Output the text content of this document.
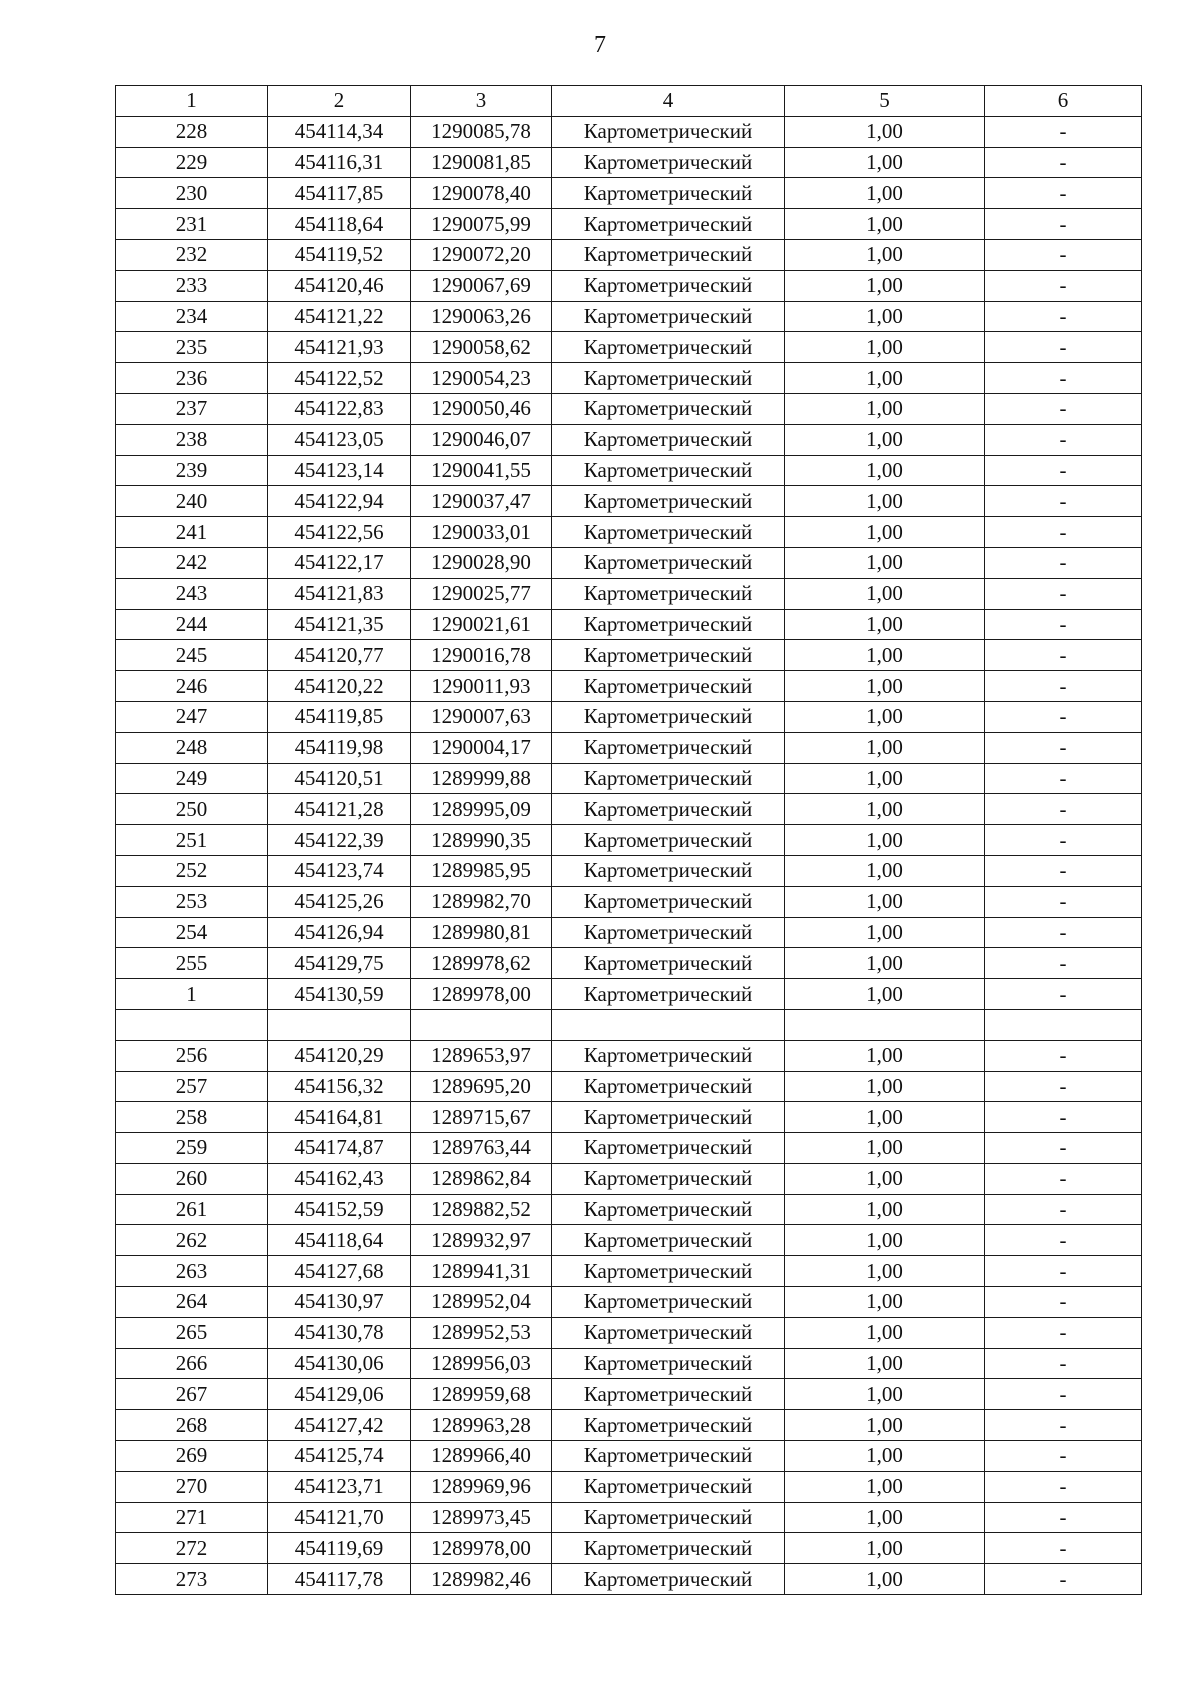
7
1	2	3	4	5	6
228	454114,34	1290085,78	Картометрический	1,00	-
229	454116,31	1290081,85	Картометрический	1,00	-
230	454117,85	1290078,40	Картометрический	1,00	-
231	454118,64	1290075,99	Картометрический	1,00	-
232	454119,52	1290072,20	Картометрический	1,00	-
233	454120,46	1290067,69	Картометрический	1,00	-
234	454121,22	1290063,26	Картометрический	1,00	-
235	454121,93	1290058,62	Картометрический	1,00	-
236	454122,52	1290054,23	Картометрический	1,00	-
237	454122,83	1290050,46	Картометрический	1,00	-
238	454123,05	1290046,07	Картометрический	1,00	-
239	454123,14	1290041,55	Картометрический	1,00	-
240	454122,94	1290037,47	Картометрический	1,00	-
241	454122,56	1290033,01	Картометрический	1,00	-
242	454122,17	1290028,90	Картометрический	1,00	-
243	454121,83	1290025,77	Картометрический	1,00	-
244	454121,35	1290021,61	Картометрический	1,00	-
245	454120,77	1290016,78	Картометрический	1,00	-
246	454120,22	1290011,93	Картометрический	1,00	-
247	454119,85	1290007,63	Картометрический	1,00	-
248	454119,98	1290004,17	Картометрический	1,00	-
249	454120,51	1289999,88	Картометрический	1,00	-
250	454121,28	1289995,09	Картометрический	1,00	-
251	454122,39	1289990,35	Картометрический	1,00	-
252	454123,74	1289985,95	Картометрический	1,00	-
253	454125,26	1289982,70	Картометрический	1,00	-
254	454126,94	1289980,81	Картометрический	1,00	-
255	454129,75	1289978,62	Картометрический	1,00	-
1	454130,59	1289978,00	Картометрический	1,00	-

256	454120,29	1289653,97	Картометрический	1,00	-
257	454156,32	1289695,20	Картометрический	1,00	-
258	454164,81	1289715,67	Картометрический	1,00	-
259	454174,87	1289763,44	Картометрический	1,00	-
260	454162,43	1289862,84	Картометрический	1,00	-
261	454152,59	1289882,52	Картометрический	1,00	-
262	454118,64	1289932,97	Картометрический	1,00	-
263	454127,68	1289941,31	Картометрический	1,00	-
264	454130,97	1289952,04	Картометрический	1,00	-
265	454130,78	1289952,53	Картометрический	1,00	-
266	454130,06	1289956,03	Картометрический	1,00	-
267	454129,06	1289959,68	Картометрический	1,00	-
268	454127,42	1289963,28	Картометрический	1,00	-
269	454125,74	1289966,40	Картометрический	1,00	-
270	454123,71	1289969,96	Картометрический	1,00	-
271	454121,70	1289973,45	Картометрический	1,00	-
272	454119,69	1289978,00	Картометрический	1,00	-
273	454117,78	1289982,46	Картометрический	1,00	-
